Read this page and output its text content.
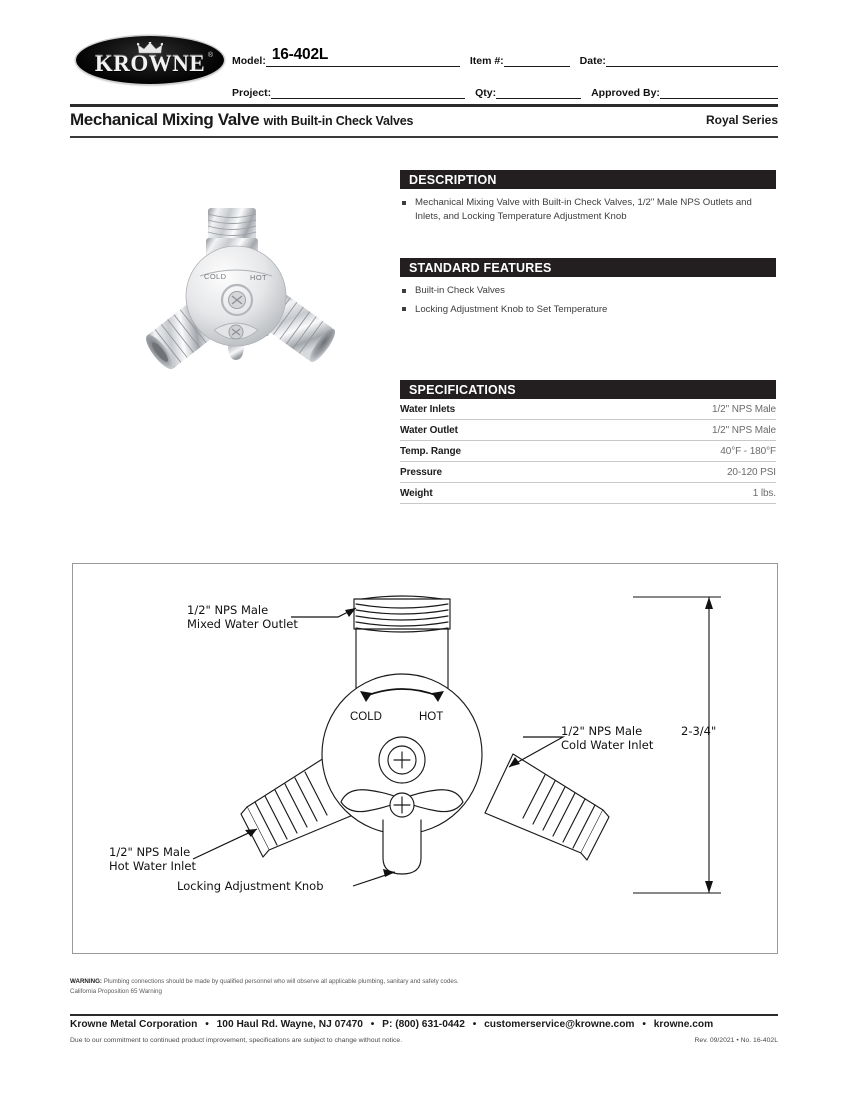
KROWNE ® Model: 16-402L	Item #:	Date:
Project:	Qty:	Approved By:
Mechanical Mixing Valve with Built-in Check Valves	Royal Series
COLD	HOT
DESCRIPTION
Mechanical Mixing Valve with Built-in Check Valves, 1/2" Male NPS Outlets and Inlets, and Locking Temperature Adjustment Knob
STANDARD FEATURES
Built-in Check Valves
Locking Adjustment Knob to Set Temperature
SPECIFICATIONS
Water Inlets	1/2" NPS Male
Water Outlet	1/2" NPS Male
Temp. Range	40°F - 180°F
Pressure	20-120 PSI
Weight	1 lbs.
1/2" NPS Male
Mixed Water Outlet
1/2" NPS Male
Cold Water Inlet
1/2" NPS Male
Hot Water Inlet
Locking Adjustment Knob
COLD	HOT
2-3/4"
WARNING: Plumbing connections should be made by qualified personnel who will observe all applicable plumbing, sanitary and safety codes.
California Proposition 65 Warning
Krowne Metal Corporation • 100 Haul Rd. Wayne, NJ 07470 • P: (800) 631-0442 • customerservice@krowne.com • krowne.com
Due to our commitment to continued product improvement, specifications are subject to change without notice.	Rev. 09/2021 • No. 16-402L
